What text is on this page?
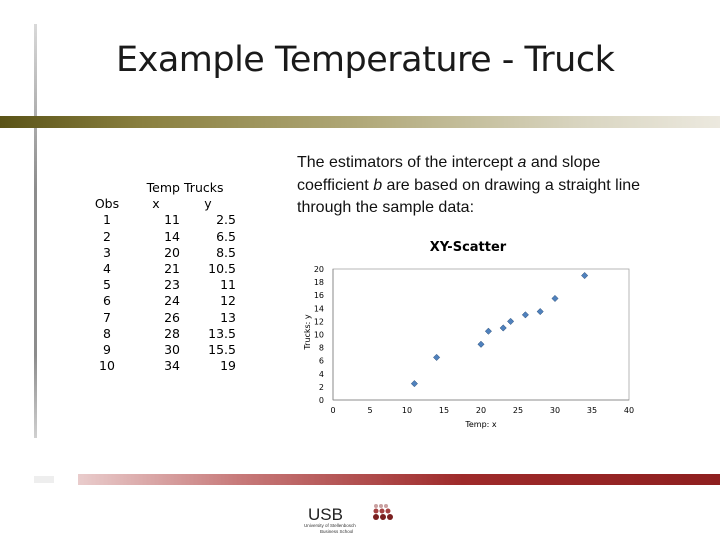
Example Temperature - Truck
	Temp	Trucks
Obs	x	y
1	11	2.5
2	14	6.5
3	20	8.5
4	21	10.5
5	23	11
6	24	12
7	26	13
8	28	13.5
9	30	15.5
10	34	19
The estimators of the intercept a and slope coefficient b are based on drawing a straight line through the sample data:
XY-Scatter
0	5	10	15	20	25	30	35	40
0
2
4
6
8
10
12
14
16
18
20
Temp: x
Trucks: y
USB
University of Stellenbosch
Business School
